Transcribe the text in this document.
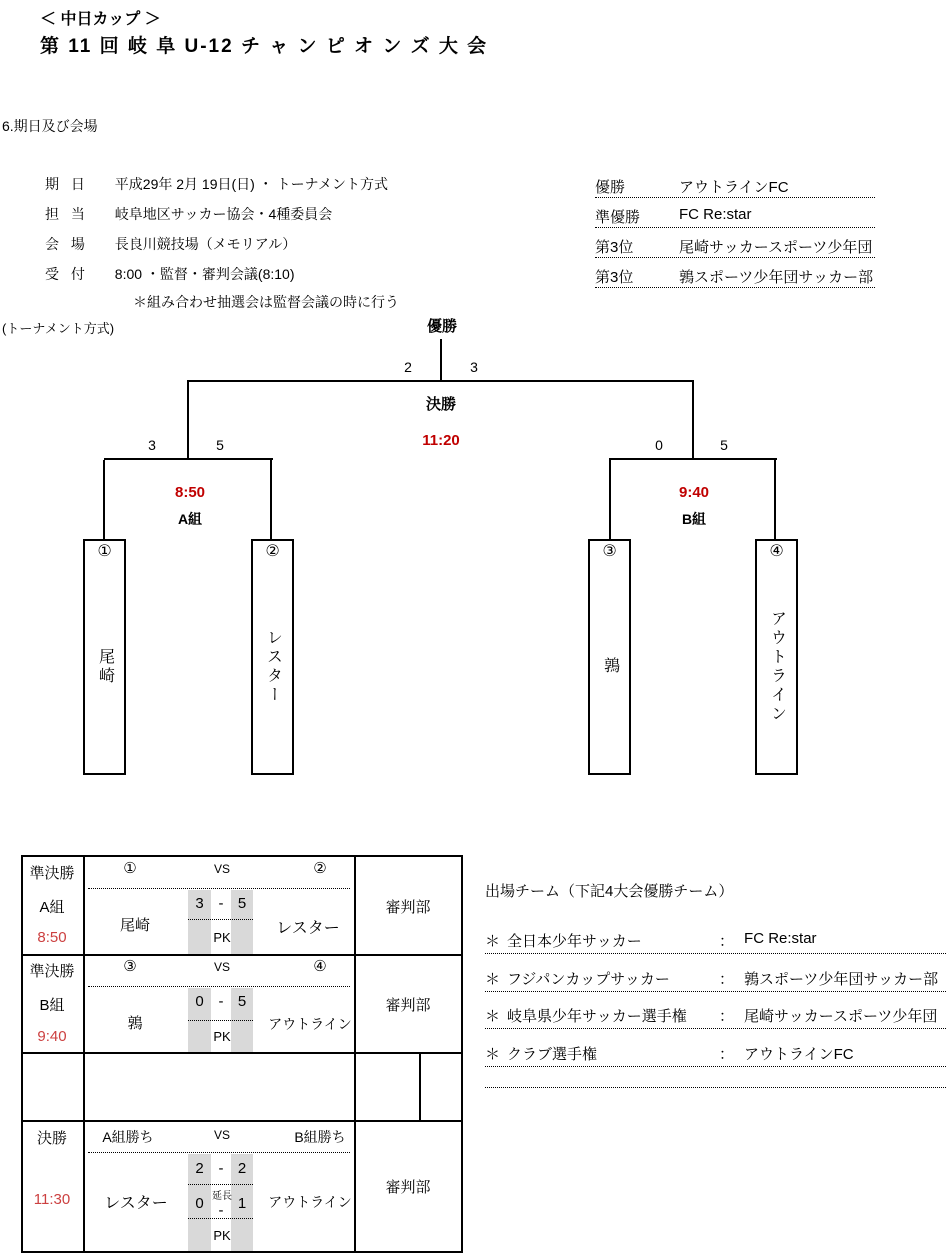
＜ 中日カップ ＞
第 11 回 岐 阜 U-12 チ ャ ン ピ オ ン ズ 大 会
6.期日及び会場
期 日 平成29年 2月 19日(日) ・ トーナメント方式
担 当 岐阜地区サッカー協会・4種委員会
会 場 長良川競技場（メモリアル）
受 付 8:00 ・監督・審判会議(8:10)
＊組み合わせ抽選会は監督会議の時に行う
優勝	アウトラインFC
準優勝	FC Re:star
第3位	尾崎サッカースポーツ少年団
第3位	鶉スポーツ少年団サッカー部
(トーナメント方式)	優勝
2	3
決勝
11:20
3	5
8:50
A組
0	5
9:40
B組
①
尾崎
②
レスター
③
鶉
④
アウトライン
準決勝
A組
8:50
①	VS	②
尾崎
3 - 5
PK
レスター
審判部
準決勝
B組
9:40
③	VS	④
鶉
0 - 5
PK
アウトライン
審判部
決勝
11:30
A組勝ち	VS	B組勝ち
レスター
2 - 2
延長
0 - 1
PK
アウトライン
審判部
出場チーム（下記4大会優勝チーム）
＊ 全日本少年サッカー	： FC Re:star
＊ フジパンカップサッカー	： 鶉スポーツ少年団サッカー部
＊ 岐阜県少年サッカー選手権	： 尾崎サッカースポーツ少年団
＊ クラブ選手権	： アウトラインFC
